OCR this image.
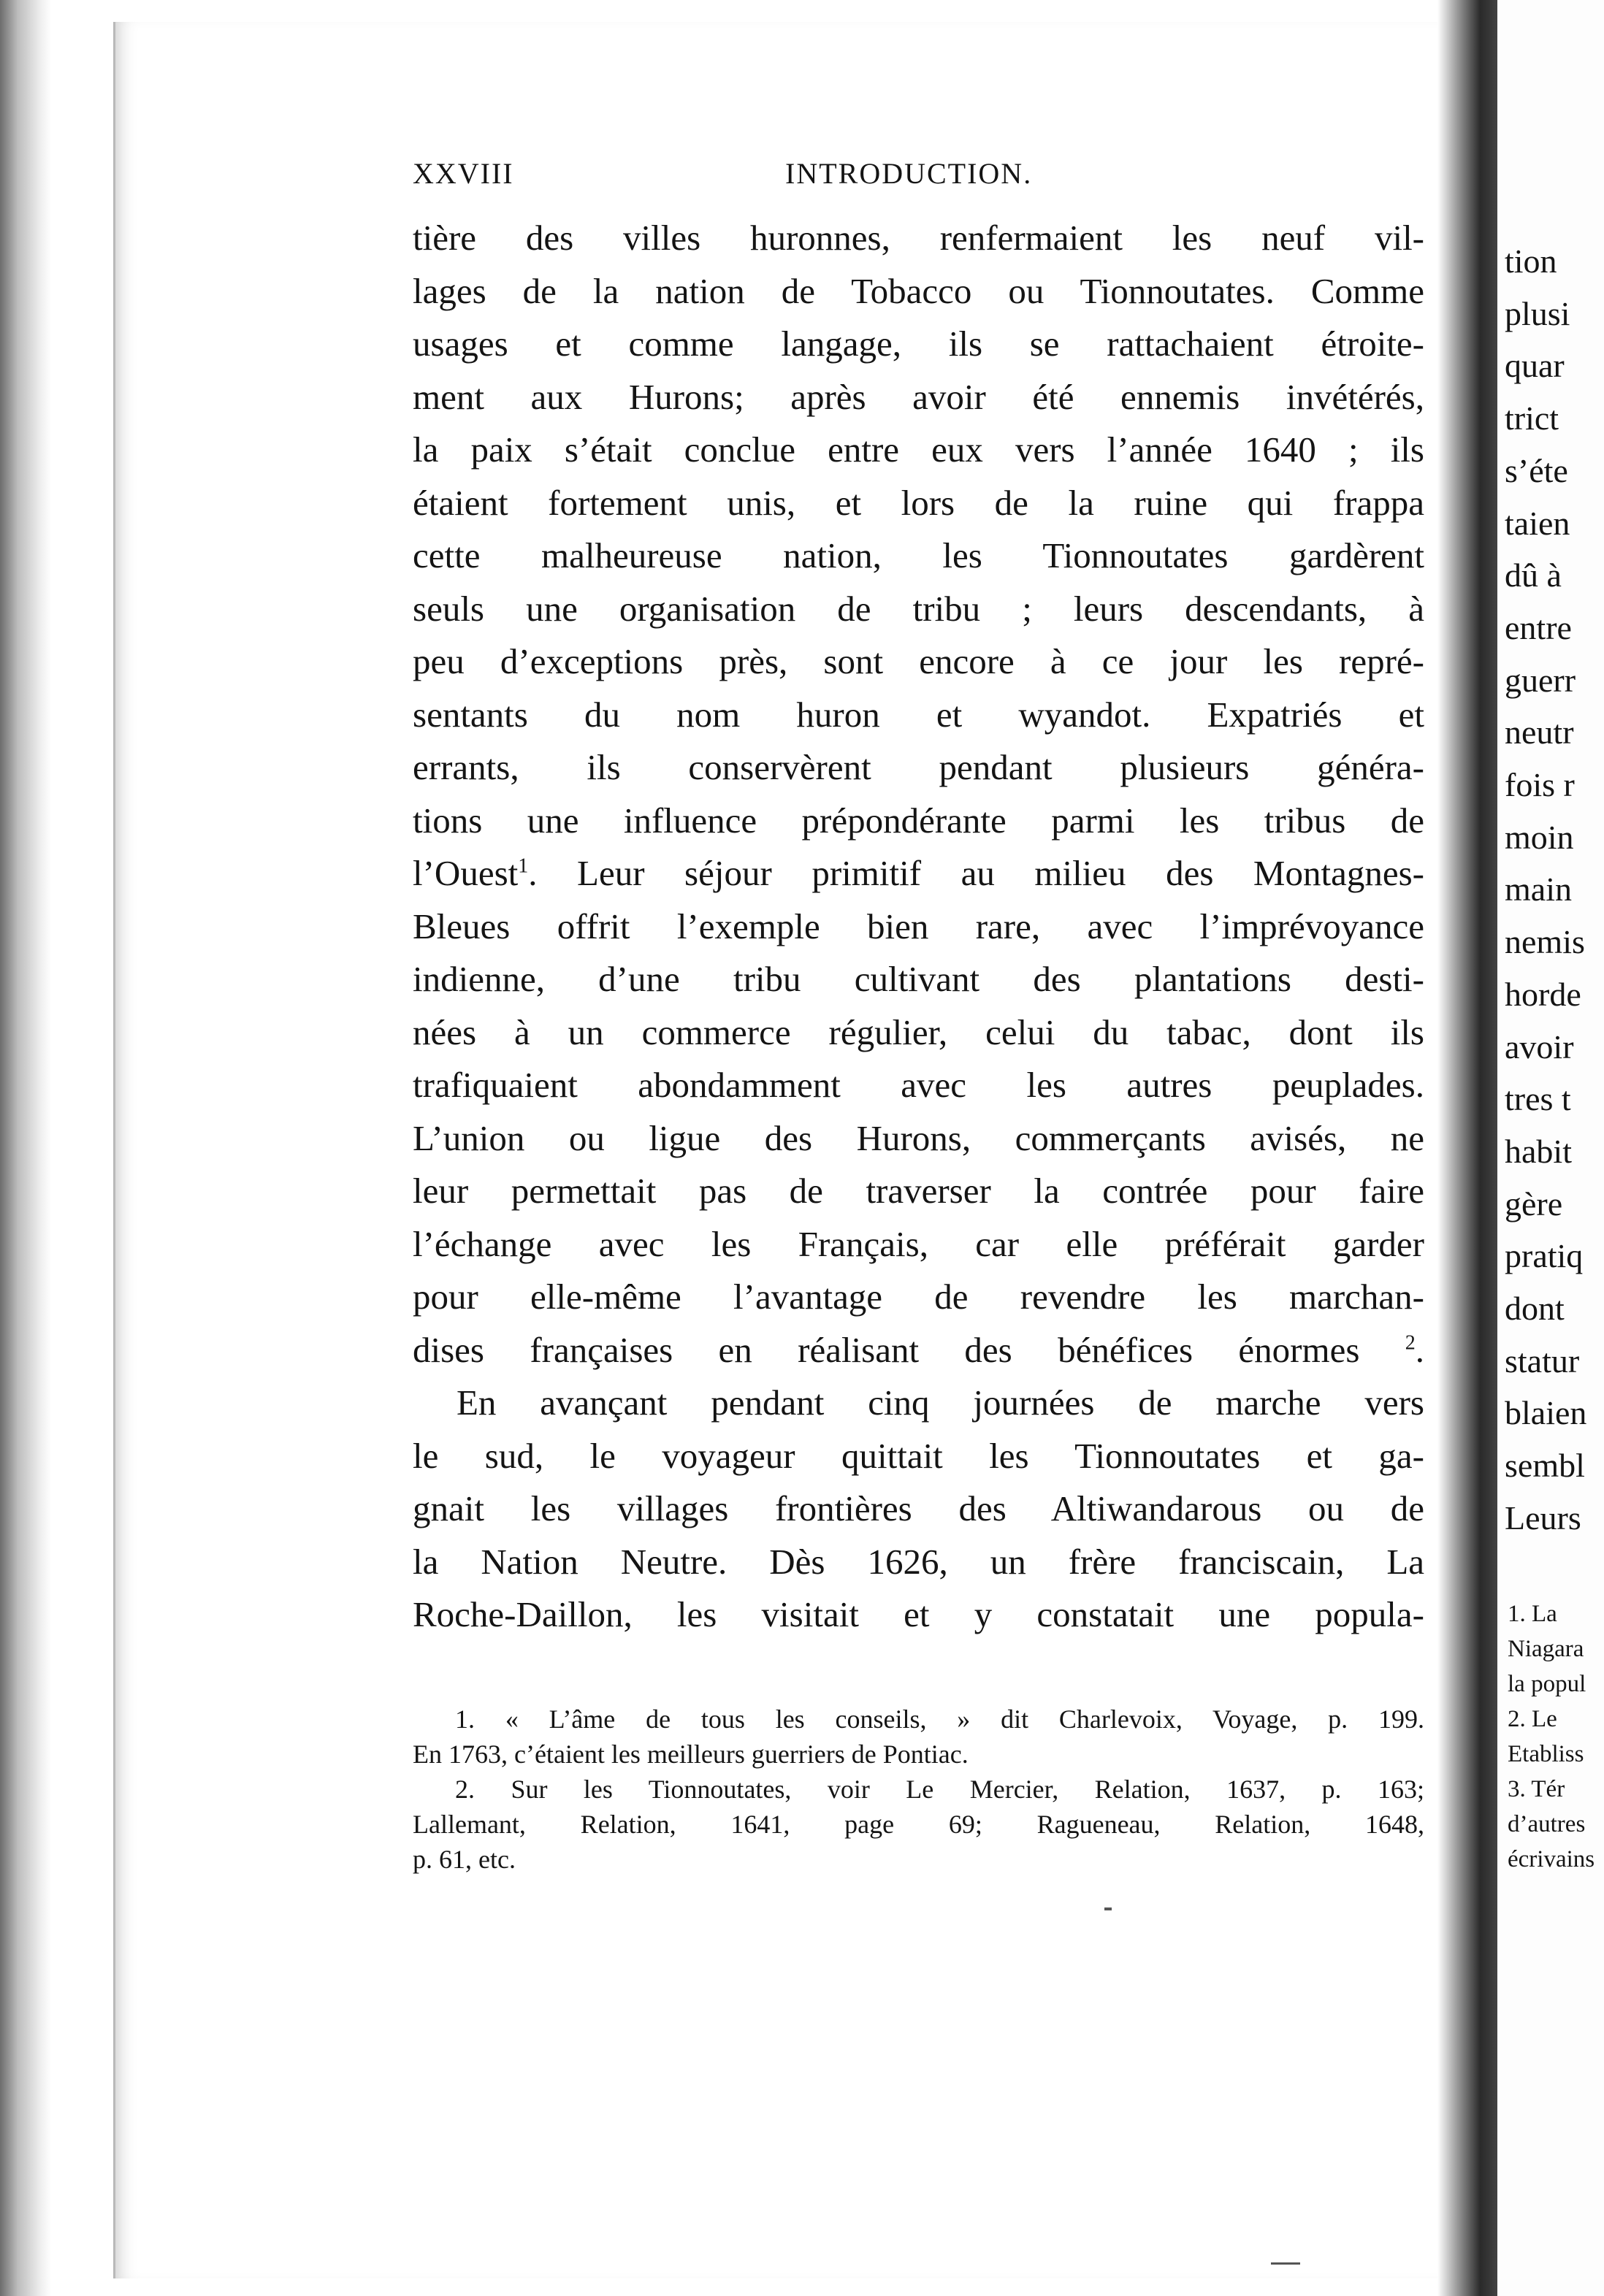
XXVIII	INTRODUCTION.
tière des villes huronnes, renfermaient les neuf vil-
lages de la nation de Tobacco ou Tionnoutates. Comme
usages et comme langage, ils se rattachaient étroite-
ment aux Hurons; après avoir été ennemis invétérés,
la paix s’était conclue entre eux vers l’année 1640 ; ils
étaient fortement unis, et lors de la ruine qui frappa
cette malheureuse nation, les Tionnoutates gardèrent
seuls une organisation de tribu ; leurs descendants, à
peu d’exceptions près, sont encore à ce jour les repré-
sentants du nom huron et wyandot. Expatriés et
errants, ils conservèrent pendant plusieurs généra-
tions une influence prépondérante parmi les tribus de
l’Ouest$^1$. Leur séjour primitif au milieu des Montagnes-
Bleues offrit l’exemple bien rare, avec l’imprévoyance
indienne, d’une tribu cultivant des plantations desti-
nées à un commerce régulier, celui du tabac, dont ils
trafiquaient abondamment avec les autres peuplades.
L’union ou ligue des Hurons, commerçants avisés, ne
leur permettait pas de traverser la contrée pour faire
l’échange avec les Français, car elle préférait garder
pour elle-même l’avantage de revendre les marchan-
dises françaises en réalisant des bénéfices énormes $^2$.
En avançant pendant cinq journées de marche vers
le sud, le voyageur quittait les Tionnoutates et ga-
gnait les villages frontières des Altiwandarous ou de
la Nation Neutre. Dès 1626, un frère franciscain, La
Roche-Daillon, les visitait et y constatait une popula-
1. « L’âme de tous les conseils, » dit Charlevoix, Voyage, p. 199.
En 1763, c’étaient les meilleurs guerriers de Pontiac.
2. Sur les Tionnoutates, voir Le Mercier, Relation, 1637, p. 163;
Lallemant, Relation, 1641, page 69; Ragueneau, Relation, 1648,
p. 61, etc.
tion
plusi
quar
trict
s’éte
taien
dû à
entre
guerr
neutr
fois r
moin
main
nemis
horde
avoir
tres t
habit
gère
pratiq
dont
statur
blaien
sembl
Leurs
1. La
Niagara
la popul
2. Le
Etabliss
3. Tér
d’autres
écrivains
